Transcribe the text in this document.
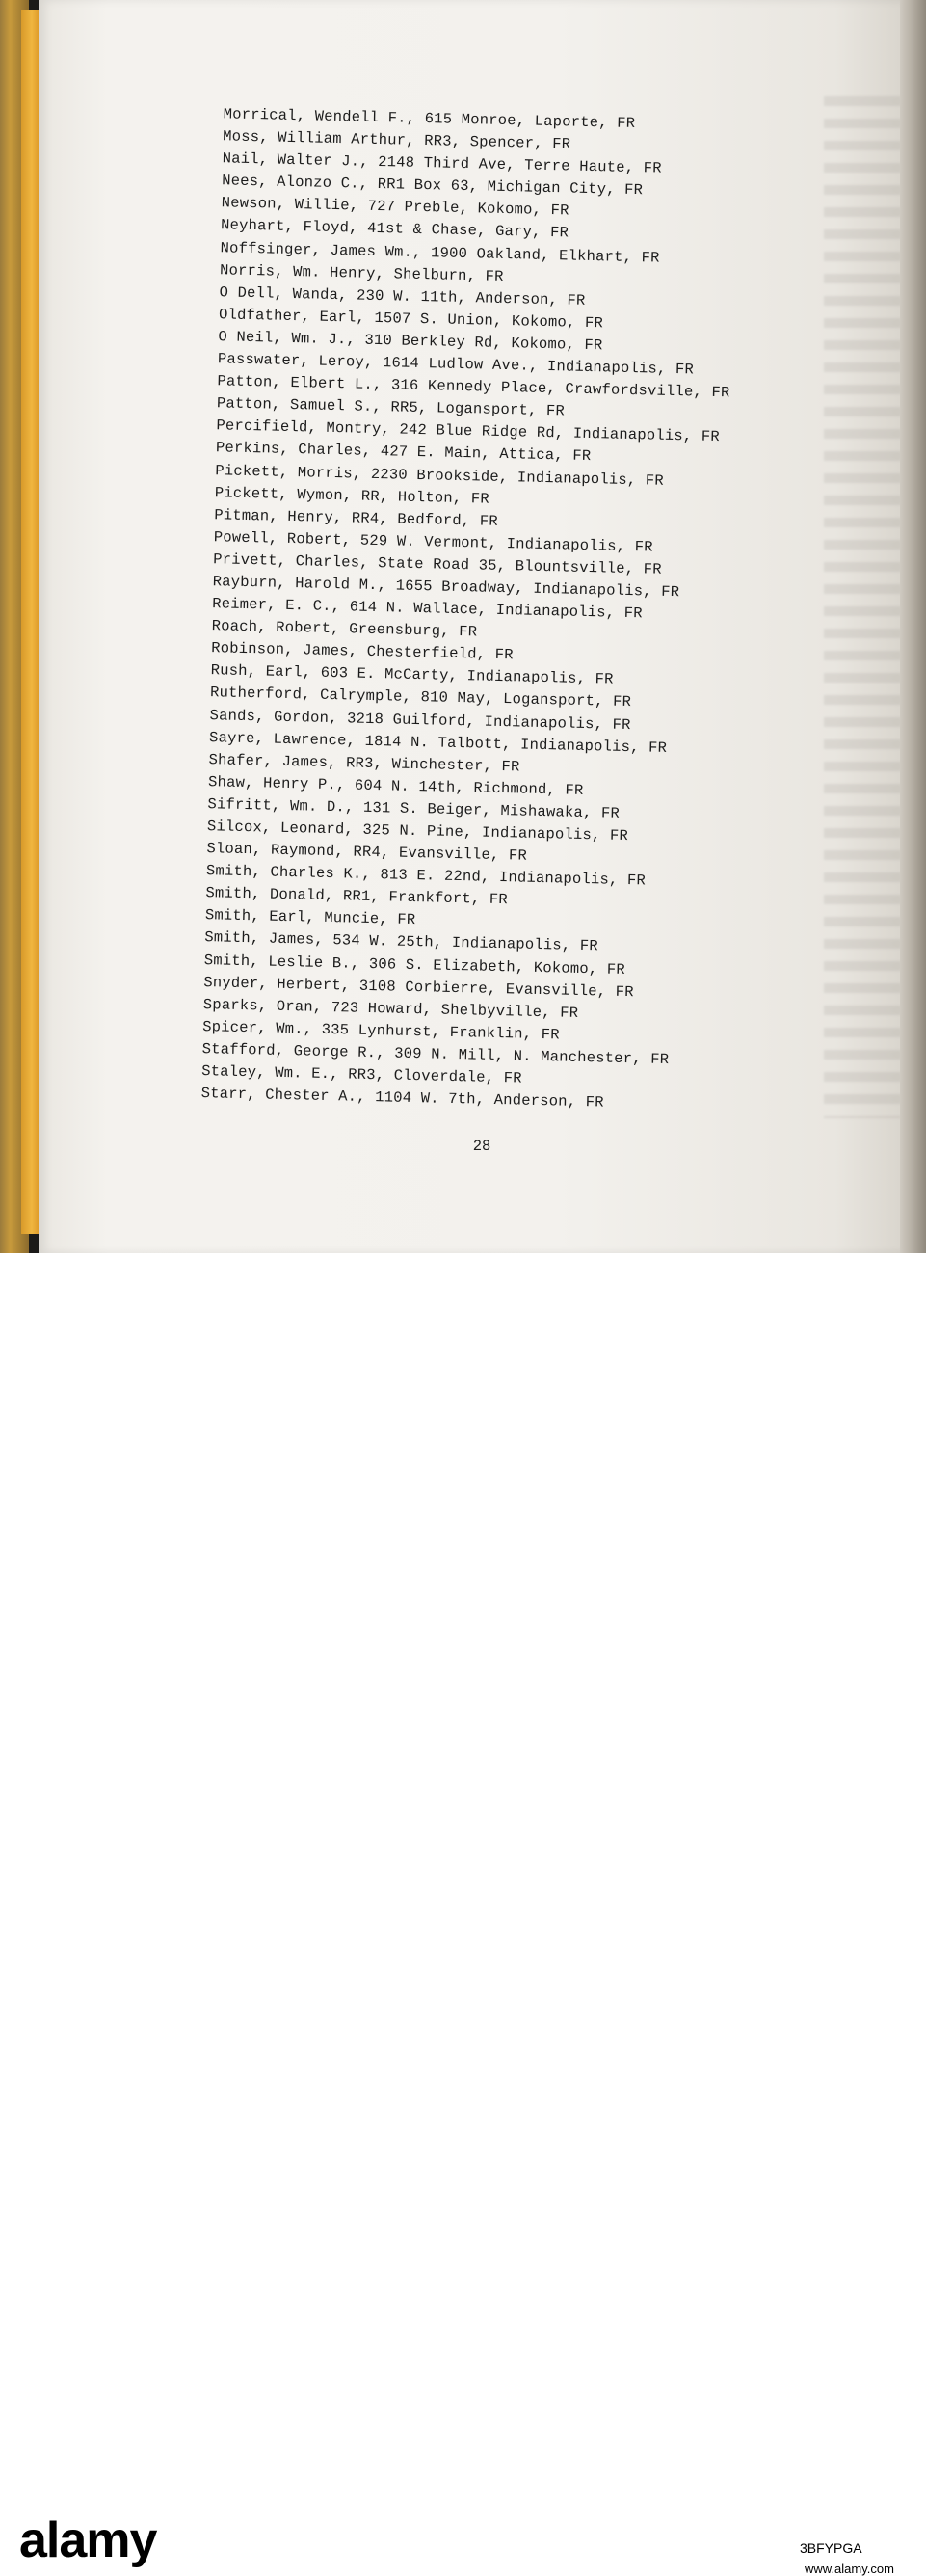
Morrical, Wendell F., 615 Monroe, Laporte, FR
Moss, William Arthur, RR3, Spencer, FR
Nail, Walter J., 2148 Third Ave, Terre Haute, FR
Nees, Alonzo C., RR1 Box 63, Michigan City, FR
Newson, Willie, 727 Preble, Kokomo, FR
Neyhart, Floyd, 41st & Chase, Gary, FR
Noffsinger, James Wm., 1900 Oakland, Elkhart, FR
Norris, Wm. Henry, Shelburn, FR
O Dell, Wanda, 230 W. 11th, Anderson, FR
Oldfather, Earl, 1507 S. Union, Kokomo, FR
O Neil, Wm. J., 310 Berkley Rd, Kokomo, FR
Passwater, Leroy, 1614 Ludlow Ave., Indianapolis, FR
Patton, Elbert L., 316 Kennedy Place, Crawfordsville, FR
Patton, Samuel S., RR5, Logansport, FR
Percifield, Montry, 242 Blue Ridge Rd, Indianapolis, FR
Perkins, Charles, 427 E. Main, Attica, FR
Pickett, Morris, 2230 Brookside, Indianapolis, FR
Pickett, Wymon, RR, Holton, FR
Pitman, Henry, RR4, Bedford, FR
Powell, Robert, 529 W. Vermont, Indianapolis, FR
Privett, Charles, State Road 35, Blountsville, FR
Rayburn, Harold M., 1655 Broadway, Indianapolis, FR
Reimer, E. C., 614 N. Wallace, Indianapolis, FR
Roach, Robert, Greensburg, FR
Robinson, James, Chesterfield, FR
Rush, Earl, 603 E. McCarty, Indianapolis, FR
Rutherford, Calrymple, 810 May, Logansport, FR
Sands, Gordon, 3218 Guilford, Indianapolis, FR
Sayre, Lawrence, 1814 N. Talbott, Indianapolis, FR
Shafer, James, RR3, Winchester, FR
Shaw, Henry P., 604 N. 14th, Richmond, FR
Sifritt, Wm. D., 131 S. Beiger, Mishawaka, FR
Silcox, Leonard, 325 N. Pine, Indianapolis, FR
Sloan, Raymond, RR4, Evansville, FR
Smith, Charles K., 813 E. 22nd, Indianapolis, FR
Smith, Donald, RR1, Frankfort, FR
Smith, Earl, Muncie, FR
Smith, James, 534 W. 25th, Indianapolis, FR
Smith, Leslie B., 306 S. Elizabeth, Kokomo, FR
Snyder, Herbert, 3108 Corbierre, Evansville, FR
Sparks, Oran, 723 Howard, Shelbyville, FR
Spicer, Wm., 335 Lynhurst, Franklin, FR
Stafford, George R., 309 N. Mill, N. Manchester, FR
Staley, Wm. E., RR3, Cloverdale, FR
Starr, Chester A., 1104 W. 7th, Anderson, FR
28
alamy	3BFYPGA
www.alamy.com
